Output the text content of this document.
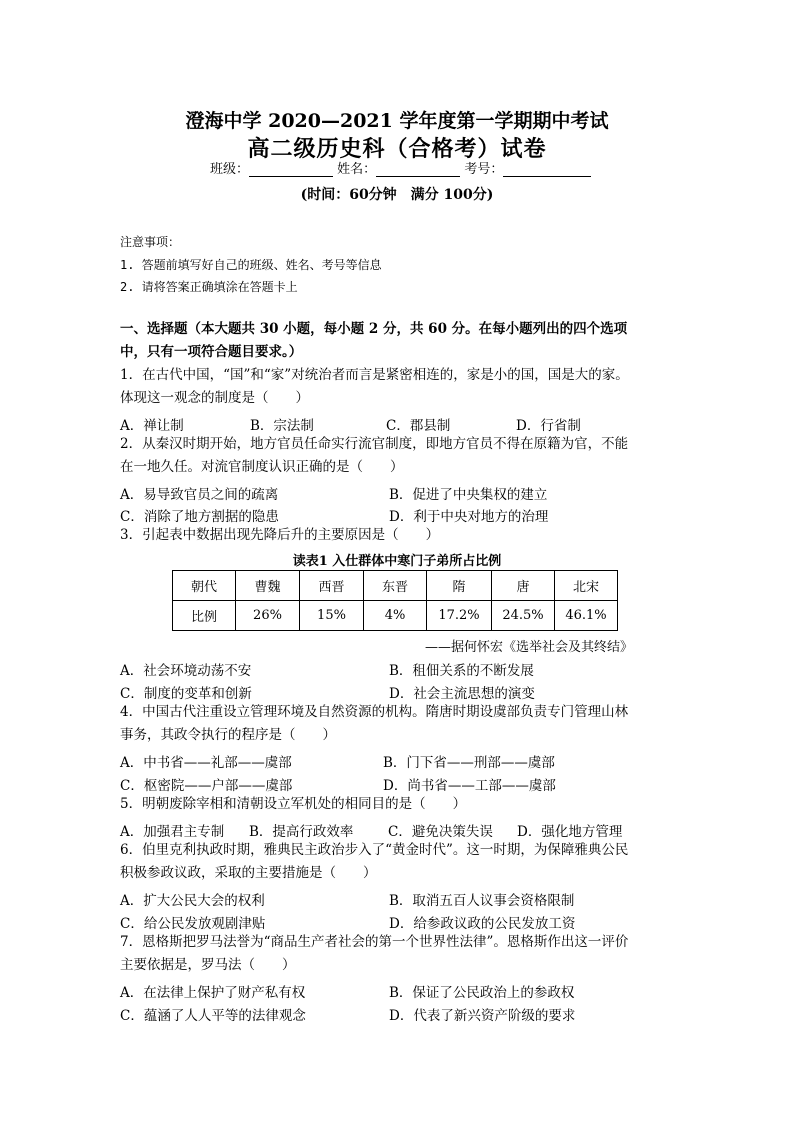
澄海中学 2020—2021 学年度第一学期期中考试
高二级历史科（合格考）试卷
班级：	姓名：	考号：
(时间：60分钟　满分 100分)
注意事项：
1. 答题前填写好自己的班级、姓名、考号等信息
2. 请将答案正确填涂在答题卡上
一、选择题（本大题共 30 小题，每小题 2 分，共 60 分。在每小题列出的四个选项
中，只有一项符合题目要求。）
1．在古代中国，“国”和“家”对统治者而言是紧密相连的，家是小的国，国是大的家。
体现这一观念的制度是（　　）
A．禅让制	B．宗法制	C．郡县制	D．行省制
2．从秦汉时期开始，地方官员任命实行流官制度，即地方官员不得在原籍为官，不能
在一地久任。对流官制度认识正确的是（　　）
A．易导致官员之间的疏离	B．促进了中央集权的建立
C．消除了地方割据的隐患	D．利于中央对地方的治理
3．引起表中数据出现先降后升的主要原因是（　　）
读表1 入仕群体中寒门子弟所占比例
朝代	曹魏	西晋	东晋	隋	唐	北宋
比例	26%	15%	4%	17.2%	24.5%	46.1%
——据何怀宏《选举社会及其终结》
A．社会环境动荡不安	B．租佃关系的不断发展
C．制度的变革和创新	D．社会主流思想的演变
4．中国古代注重设立管理环境及自然资源的机构。隋唐时期设虞部负责专门管理山林
事务，其政令执行的程序是（　　）
A．中书省——礼部——虞部	B．门下省——刑部——虞部
C．枢密院——户部——虞部	D．尚书省——工部——虞部
5．明朝废除宰相和清朝设立军机处的相同目的是（　　）
A．加强君主专制 B．提高行政效率	C．避免决策失误 D．强化地方管理
6．伯里克利执政时期，雅典民主政治步入了“黄金时代”。这一时期，为保障雅典公民
积极参政议政，采取的主要措施是（　　）
A．扩大公民大会的权利	B．取消五百人议事会资格限制
C．给公民发放观剧津贴	D．给参政议政的公民发放工资
7．恩格斯把罗马法誉为“商品生产者社会的第一个世界性法律”。恩格斯作出这一评价
主要依据是，罗马法（　　）
A．在法律上保护了财产私有权	B．保证了公民政治上的参政权
C．蕴涵了人人平等的法律观念	D．代表了新兴资产阶级的要求
